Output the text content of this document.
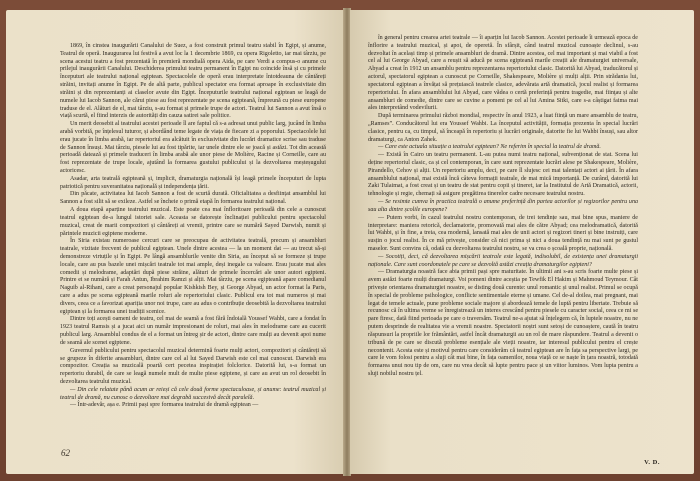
1869, în cinstea inaugurării Canalului de Suez, a fost construit primul teatru stabil în Egipt, și anume, Teatrul de operă. Inaugurarea lui festivă a avut loc la 1 decembrie 1869, cu opera Rigoletto, iar mai târziu, pe scena acestui teatru a fost prezentată în premieră mondială opera Aida, pe care Verdi a compus-o anume cu prilejul inaugurării Canalului. Deschiderea primului teatru permanent în Egipt nu coincide însă și cu primele începuturi ale teatrului național egiptean. Spectacolele de operă erau interpretate întotdeauna de cântăreți străini, invitați anume în Egipt. Pe de altă parte, publicul spectator era format aproape în exclusivitate din străini și din reprezentanți ai claselor avute din Egipt. Începuturile teatrului național egiptean se leagă de numele lui Iacob Sannon, ale cărui piese au fost reprezentate pe scena egipteană, împreună cu piese europene traduse de el. Alături de el, mai târziu, s-au format și primele trupe de actori. Teatrul lui Sannon a avut însă o viață scurtă, el fiind interzis de autorități din cauza satirei sale politice.

Un merit deosebit al teatrului acestei perioade îl are faptul că s-a adresat unui public larg, jucând în limba arabă vorbită, pe înțelesul tuturor, și abordând teme legate de viața de fiecare zi a poporului. Spectacolele lui erau jucate în limba arabă, iar repertoriul era alcătuit în exclusivitate din lucrări dramatice scrise sau traduse de Sannon însuși. Mai târziu, piesele lui au fost tipărite, iar unele dintre ele se joacă și astăzi. Tot din această perioadă datează și primele traduceri în limba arabă ale unor piese de Molière, Racine și Corneille, care au fost reprezentate de trupe locale, ajutând la formarea gustului publicului și la dezvoltarea meșteșugului actoricesc.

Asadar, arta teatrală egipteană și, implicit, dramaturgia națională își leagă primele începuturi de lupta patriotică pentru suveranitatea națională și independența țării.

Din păcate, activitatea lui Iacob Sannon a fost de scurtă durată. Oficialitatea a desființat ansamblul lui Sannon a fost silit să se exileze. Astfel se încheie o primă etapă în formarea teatrului național.

A doua etapă aparține teatrului muzical. Este poate cea mai înfloritoare perioadă din cele a cunoscut teatrul egiptean de-a lungul istoriei sale. Aceasta se datorește înclinației publicului pentru spectacolul muzical, creat de marii compozitori și cântăreți ai vremii, printre care se numără Sayed Darwish, numit și părintele muzicii egiptene moderne.

În Siria existau numeroase cercuri care se preocupau de activitatea teatrală, precum și ansambluri teatrale, vizitate frecvent de publicul egiptean. Unele dintre acestea — la un moment dat — au trecut să-și demonstreze virtuțile și în Egipt. Pe lângă ansamblurile venite din Siria, au început să se formeze și trupe locale, care au pus bazele unei mișcări teatrale tot mai ample, deși inegale ca valoare. Erau jucate mai ales comedii și melodrame, adaptări după piese străine, alături de primele încercări ale unor autori egipteni. Printre ei se numără și Farah Antun, Ibrahim Ramzi și alții. Mai târziu, pe scena egipteană apare comedianul Naguib al-Rihani, care a creat personajul popular Kishkish Bey, și George Abyad, un actor format la Paris, care a adus pe scena egipteană marile roluri ale repertoriului clasic. Publicul era tot mai numeros și mai divers, ceea ce a favorizat apariția unor noi trupe, care au adus o contribuție deosebită la dezvoltarea teatrului egiptean și la formarea unei tradiții scenice.

Dintre toți acești oameni de teatru, cel mai de seamă a fost fără îndoială Youssef Wahbi, care a fondat în 1923 teatrul Ramsis și a jucat aici un număr impresionant de roluri, mai ales în melodrame care au cucerit publicul larg. Ansamblul condus de el a format un întreg șir de actori, dintre care mulți au devenit apoi nume de seamă ale scenei egiptene.

Guvernul publicului pentru spectacolul muzical determină foarte mulți actori, compozitori și cântăreți să se grupeze în diferite ansambluri, dintre care cel al lui Sayed Darwish este cel mai cunoscut. Darwish era compozitor. Creația sa muzicală poartă cert pecetea inspirației folclorice. Datorită lui, s-a format un repertoriu durabil, de care se leagă numele mult de multe piese egiptene, și care au avut un rol deosebit în dezvoltarea teatrului muzical.

— Din cele relatate până acum ar reieși că cele două forme spectaculoase, și anume: teatrul muzical și teatrul de dramă, nu cunosc o dezvoltare mai degrabă succesivă decât paralelă.

— Într-adevăr, așa e. Primii pași spre formarea teatrului de dramă egiptean —

62

în general pentru crearea artei teatrale — îi aparțin lui Iacob Sannon. Acestei perioade îi urmează epoca de înflorire a teatrului muzical, și apoi, de operetă. În sfârșit, când teatrul muzical cunoaște declinul, s-au dezvoltat în același timp și primele ansambluri de dramă. Dintre acestea, cel mai important și mai viabil a fost cel al lui George Abyad, care a reușit să aducă pe scena egipteană marile creații ale dramaturgiei universale, Abyad a creat în 1912 un ansamblu pentru reprezentarea repertoriului clasic. Datorită lui Abyad, traducătorul și actorul, spectatorul egiptean a cunoscut pe Corneille, Shakespeare, Molière și mulți alții. Prin strădania lui, spectatorul egiptean a învățat să prețuiască teatrele clasice, adevărata artă dramatică, jocul realist și formarea repertoriului. În afara ansamblului lui Abyad, care vădea o certă preferință pentru tragedie, mai fiinţau și alte ansambluri de comedie, dintre care se cuvine a pomeni pe cel al lui Amina Sitki, care s-a câștigat faima mai ales interpretând vodevilurii.

După terminarea primului război mondial, respectiv în anul 1923, a luat ființă un mare ansamblu de teatru, „Ramses”. Conducătorul lui era Youssef Wahbi. La începutul activității, formația prezenta în special lucrări clasice, pentru ca, cu timpul, să înceapă în repertoriu și lucrări originale, datorite fie lui Wahbi însuși, sau altor dramaturgi, ca Anton Zahek.

— Care este actuala situație a teatrului egiptean? Ne referim în special la teatrul de dramă.

— Există în Cairo un teatru permanent. L-au putea numi teatru național, subvenționat de stat. Scena lui deține repertoriul clasic, ca și cel contemporan, în care sunt reprezentate lucrări alese pe Shakespeare, Molière, Pirandello, Cehov și alții. Un repertoriu amplu, deci, pe care îl slujesc cei mai talentați actori ai țării. În afara ansamblului național, mai există încă câteva formații teatrale, de mai mică importanță. De curând, datorită lui Zaki Tulaimat, a fost creat și un teatru de stat pentru copii și tineret, iar la Institutul de Artă Dramatică, actorii, tehnologie și regie, chemați să asigure pregătirea tinerelor cadre necesare teatrului nostru.

— Se resimte cumva în practica teatrală o anume preferință din partea actorilor și regizorilor pentru una sau alta dintre școlile europene?

— Putem vorbi, în cazul teatrului nostru contemporan, de trei tendințe sau, mai bine spus, maniere de interpretare: maniera retorică, declamatorie, promovată mai ales de către Abyad; cea melodramatică, datorită lui Wahbi, și în fine, a treia, cea modernă, lansată mai ales de unii actori și regizori tineri și bine instruiți, care susțin o jocul realist. În ce mă privește, consider că nici prima și nici a doua tendință nu mai sunt pe gustul maselor. Sunt convins că, odată cu dezvoltarea teatrului nostru, se va crea o școală proprie, națională.

— Socotiți, deci, că dezvoltarea mișcării teatrale este legată, indisolubil, de existența unei dramaturgii naționale. Care sunt coordonatele pe care se dezvoltă astăzi creația dramaturgilor egipteni?

— Dramaturgia noastră face abia primii pași spre maturitate. În ultimii ani s-au scris foarte multe piese și avem astăzi foarte mulți dramaturgi. Voi pomeni dintre aceștia pe Tewfik El Hakim și Mahmoud Teymour. Cât privește orientarea dramaturgiei noastre, se disting două curente: unul romantic și unul realist. Primul se ocupă în special de probleme psihologice, conflicte sentimentale eterne și umane. Cel de-al doilea, mai pregnant, mai legat de temele actuale, pune probleme sociale majore și abordează temele de luptă pentru libertate. Trebuie să recunosc că în ultima vreme se înregistrează un interes crescând pentru piesele cu caracter social, ceea ce mi se pare firesc, dată fiind perioada pe care o traversăm. Teatrul ne-a ajutat să înțelegem că, în luptele noastre, nu ne putem desprinde de realitatea vie a vremii noastre. Spectatorii noștri sunt setoși de cunoaștere, caută în teatru răspunsuri la propriile lor frământări, astfel încât dramaturgii au un rol de mare răspundere. Teatrul a devenit o tribună de pe care se discută probleme esențiale ale vieții noastre, iar interesul publicului pentru el crește necontenit. Acesta este și motivul pentru care considerăm că teatrul egiptean are în fața sa perspective largi, pe care le vom folosi pentru a sluji cât mai bine, în fața oamenilor, noua viață ce se naște în țara noastră, totodată formarea unui nou tip de om, care nu vrea decât să lupte pentru pace și un viitor luminos. Vom lupta pentru a sluji nobilul nostru țel.

V. D.
